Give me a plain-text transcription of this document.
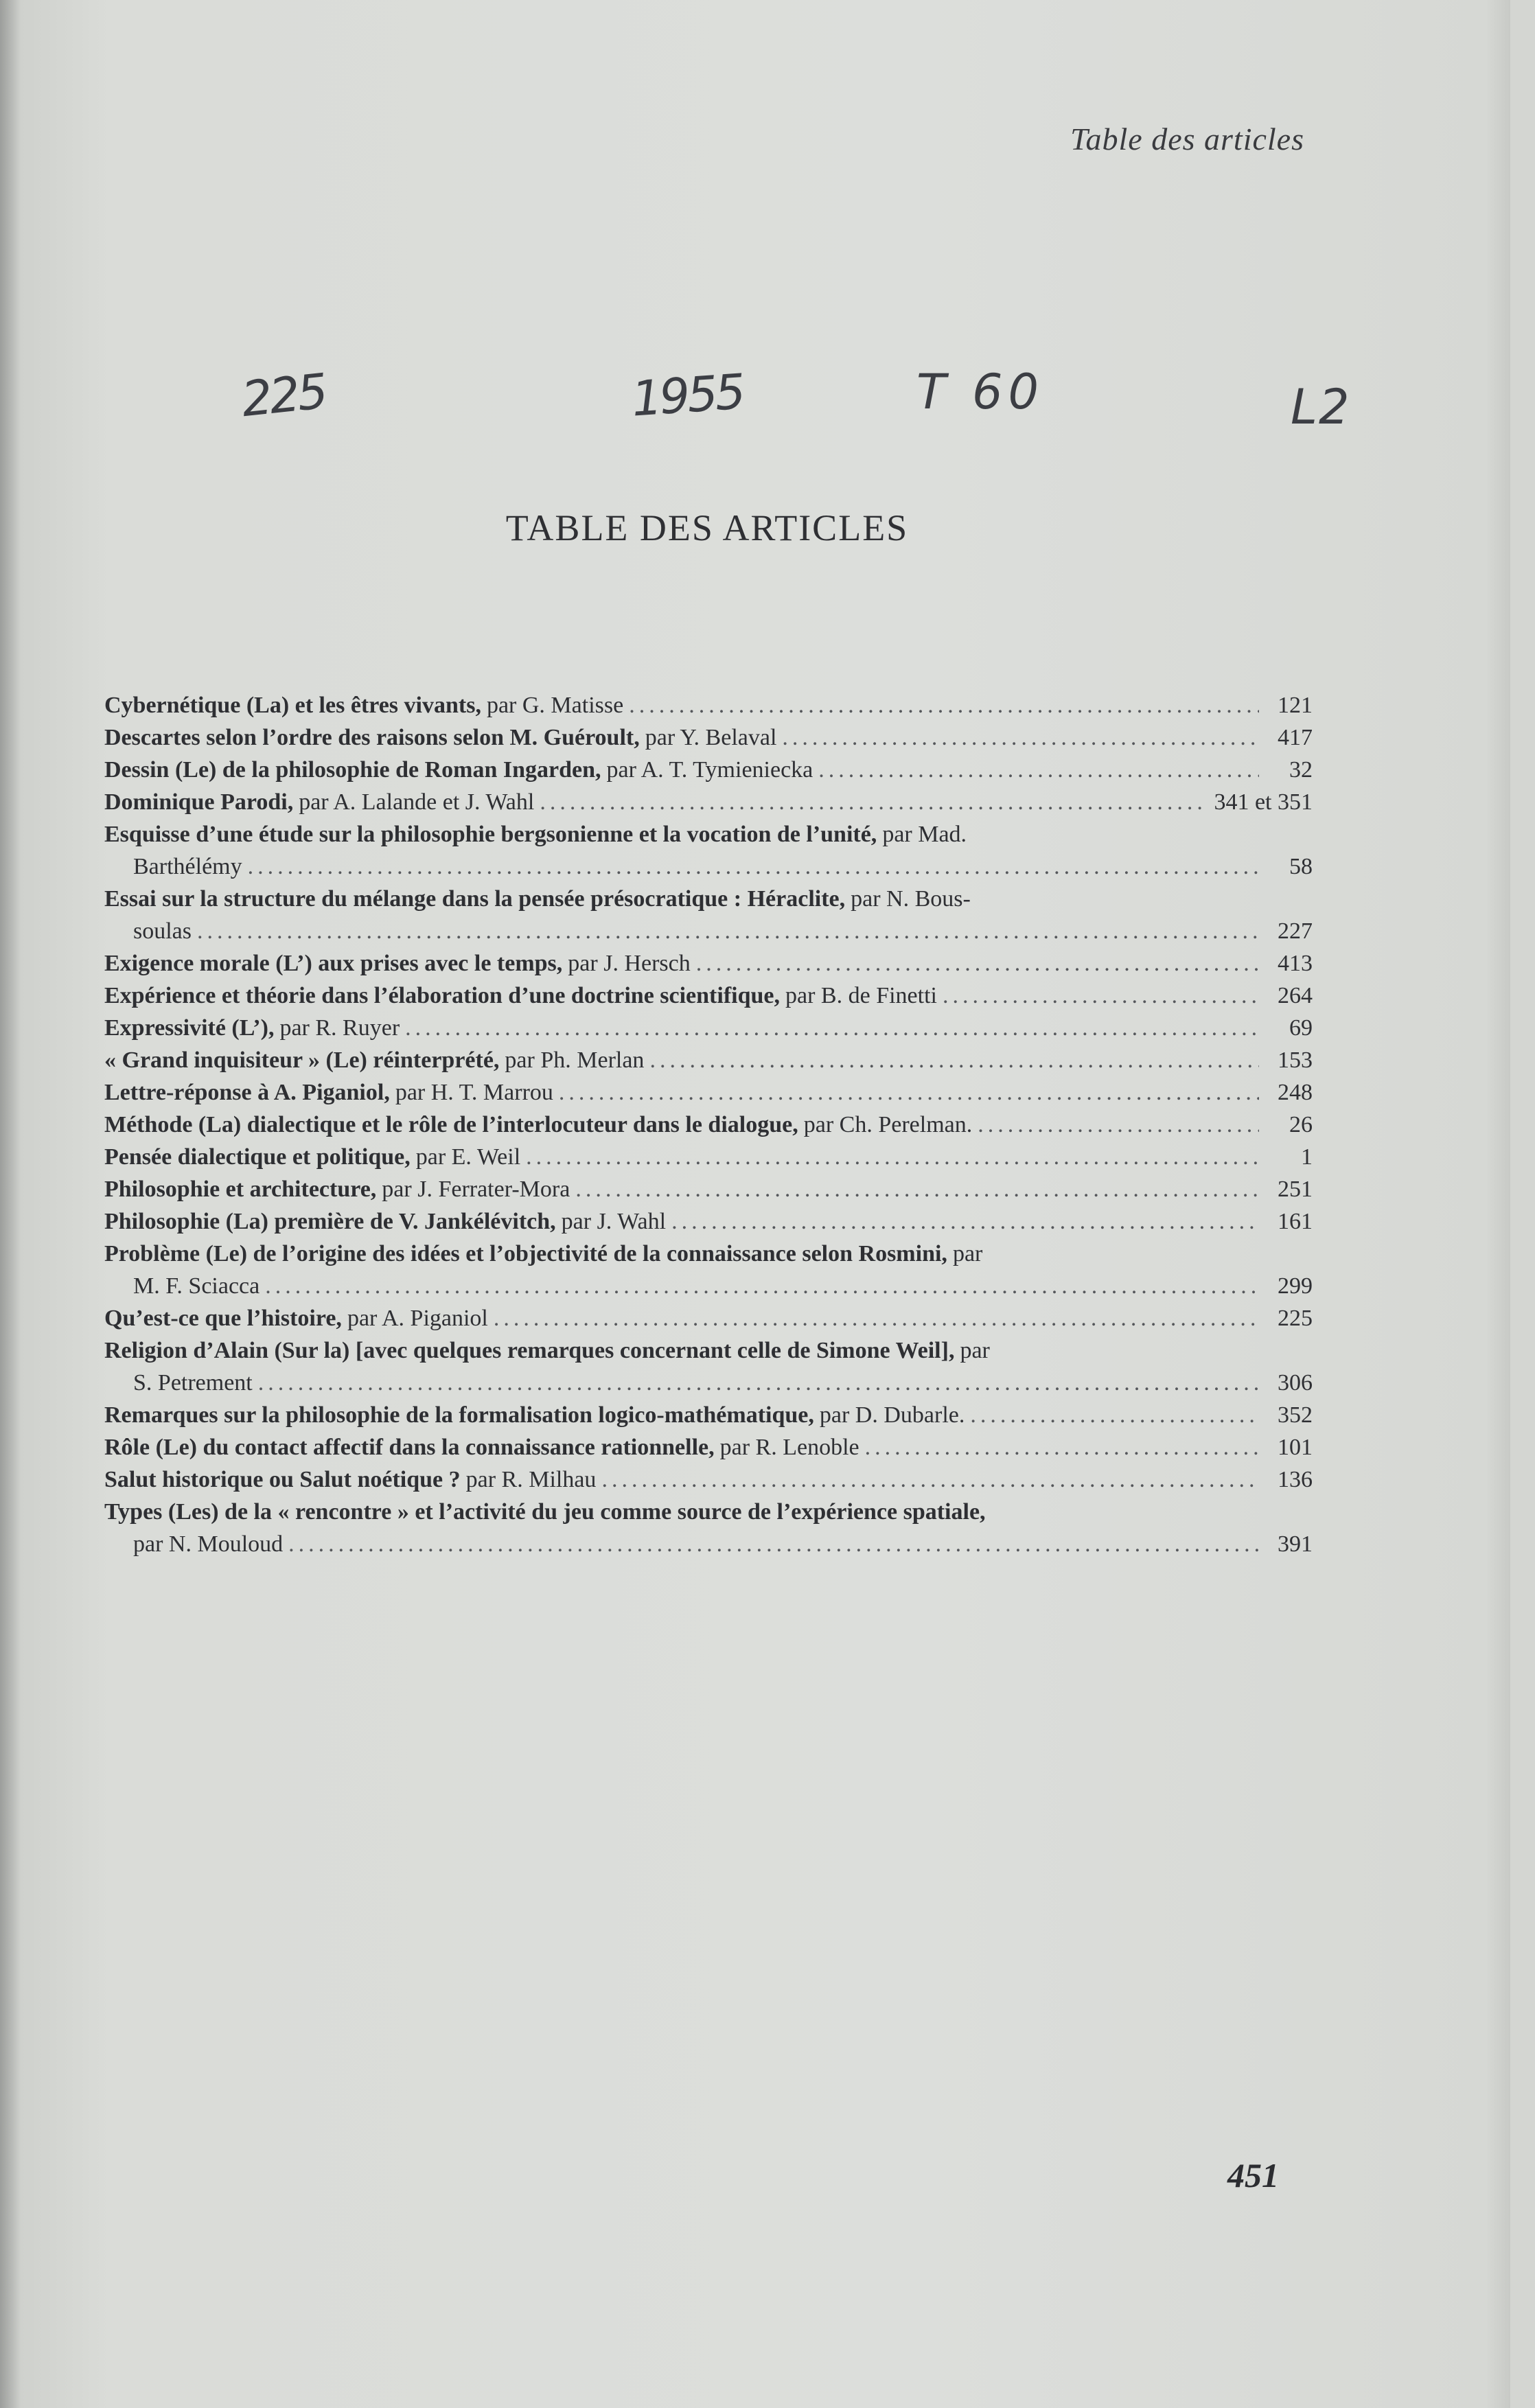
Table des articles
225	1955	T 60	L2
TABLE DES ARTICLES
Cybernétique (La) et les êtres vivants, par G. Matisse .....	121
Descartes selon l’ordre des raisons selon M. Guéroult, par Y. Belaval .....	417
Dessin (Le) de la philosophie de Roman Ingarden, par A. T. Tymieniecka .....	32
Dominique Parodi, par A. Lalande et J. Wahl .....	341 et 351
Esquisse d’une étude sur la philosophie bergsonienne et la vocation de l’unité, par Mad.
Barthélémy .....	58
Essai sur la structure du mélange dans la pensée présocratique : Héraclite, par N. Bous-
soulas .....	227
Exigence morale (L’) aux prises avec le temps, par J. Hersch .....	413
Expérience et théorie dans l’élaboration d’une doctrine scientifique, par B. de Finetti .....	264
Expressivité (L’), par R. Ruyer .....	69
« Grand inquisiteur » (Le) réinterprété, par Ph. Merlan .....	153
Lettre-réponse à A. Piganiol, par H. T. Marrou .....	248
Méthode (La) dialectique et le rôle de l’interlocuteur dans le dialogue, par Ch. Perelman. .....	26
Pensée dialectique et politique, par E. Weil .....	1
Philosophie et architecture, par J. Ferrater-Mora .....	251
Philosophie (La) première de V. Jankélévitch, par J. Wahl .....	161
Problème (Le) de l’origine des idées et l’objectivité de la connaissance selon Rosmini, par
M. F. Sciacca .....	299
Qu’est-ce que l’histoire, par A. Piganiol .....	225
Religion d’Alain (Sur la) [avec quelques remarques concernant celle de Simone Weil], par
S. Petrement .....	306
Remarques sur la philosophie de la formalisation logico-mathématique, par D. Dubarle. .....	352
Rôle (Le) du contact affectif dans la connaissance rationnelle, par R. Lenoble .....	101
Salut historique ou Salut noétique ? par R. Milhau .....	136
Types (Les) de la « rencontre » et l’activité du jeu comme source de l’expérience spatiale,
par N. Mouloud .....	391
451
